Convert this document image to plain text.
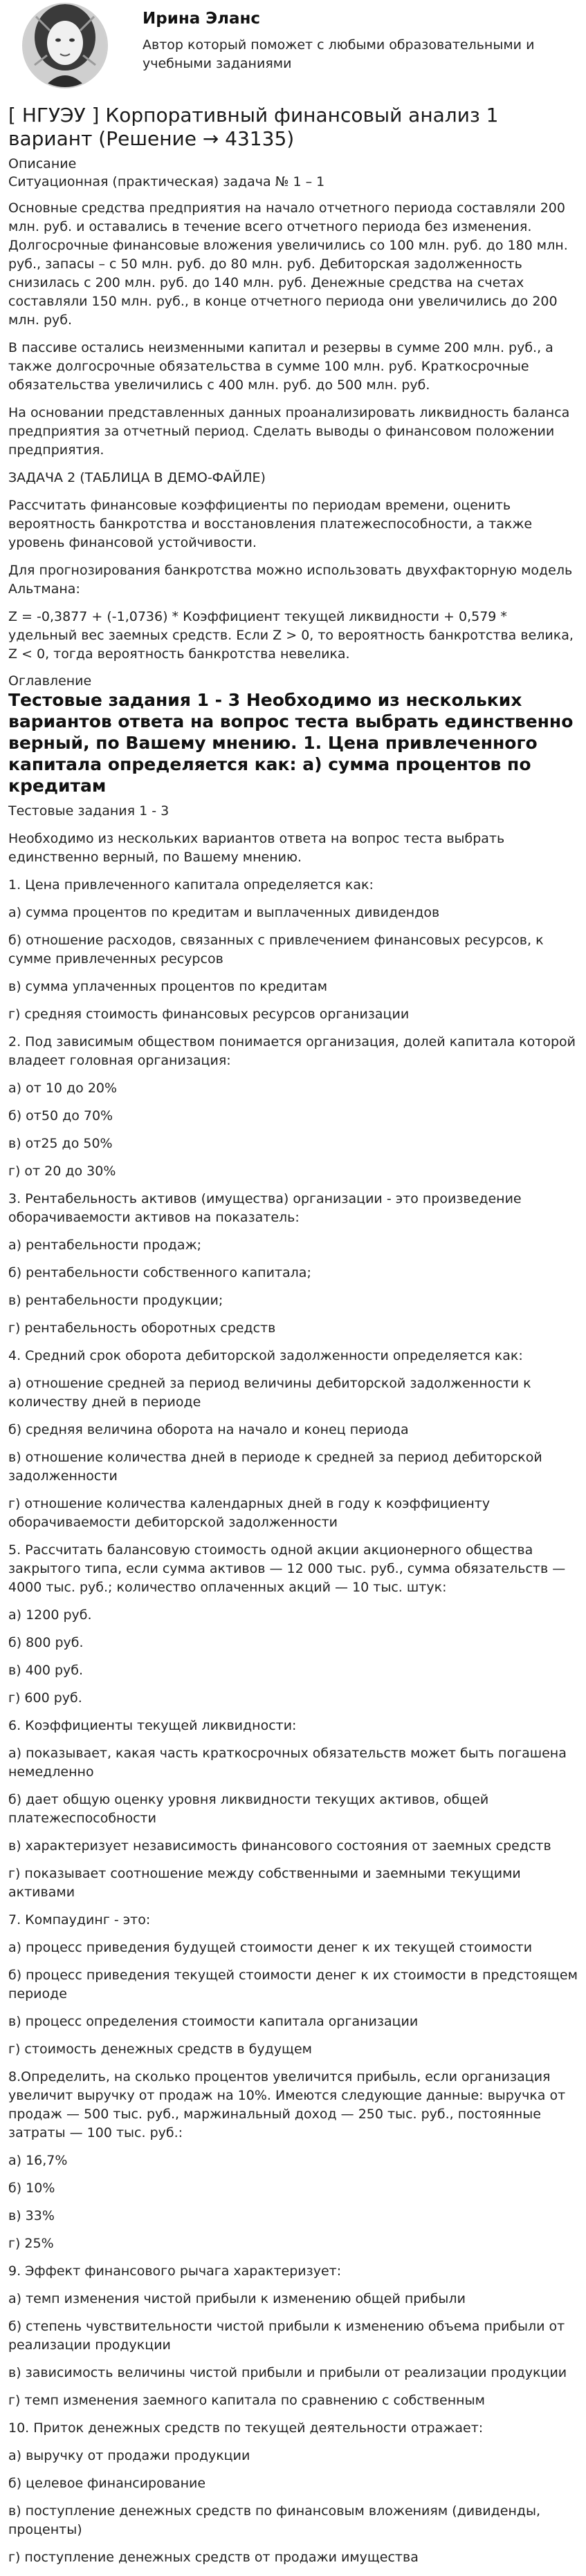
Ирина Эланс
Автор который поможет с любыми образовательными и учебными заданиями
[ НГУЭУ ] Корпоративный финансовый анализ 1 вариант (Решение → 43135)
Описание
Ситуационная (практическая) задача № 1 – 1

Основные средства предприятия на начало отчетного периода составляли 200 млн. руб. и оставались в течение всего отчетного периода без изменения. Долгосрочные финансовые вложения увеличились со 100 млн. руб. до 180 млн. руб., запасы – с 50 млн. руб. до 80 млн. руб. Дебиторская задолженность снизилась с 200 млн. руб. до 140 млн. руб. Денежные средства на счетах составляли 150 млн. руб., в конце отчетного периода они увеличились до 200 млн. руб.

В пассиве остались неизменными капитал и резервы в сумме 200 млн. руб., а также долгосрочные обязательства в сумме 100 млн. руб. Краткосрочные обязательства увеличились с 400 млн. руб. до 500 млн. руб.

На основании представленных данных проанализировать ликвидность баланса предприятия за отчетный период. Сделать выводы о финансовом положении предприятия.

ЗАДАЧА 2 (ТАБЛИЦА В ДЕМО-ФАЙЛЕ)

Рассчитать финансовые коэффициенты по периодам времени, оценить вероятность банкротства и восстановления платежеспособности, а также уровень финансовой устойчивости.

Для прогнозирования банкротства можно использовать двухфакторную модель Альтмана:

Z = -0,3877 + (-1,0736) * Коэффициент текущей ликвидности + 0,579 * удельный вес заемных средств. Если Z > 0, то вероятность банкротства велика, Z < 0, тогда вероятность банкротства невелика.

Оглавление
Тестовые задания 1 - 3 Необходимо из нескольких вариантов ответа на вопрос теста выбрать единственно верный, по Вашему мнению. 1. Цена привлеченного капитала определяется как: а) сумма процентов по кредитам

Тестовые задания 1 - 3

Необходимо из нескольких вариантов ответа на вопрос теста выбрать единственно верный, по Вашему мнению.

1. Цена привлеченного капитала определяется как:

а) сумма процентов по кредитам и выплаченных дивидендов

б) отношение расходов, связанных с привлечением финансовых ресурсов, к сумме привлеченных ресурсов

в) сумма уплаченных процентов по кредитам

г) средняя стоимость финансовых ресурсов организации

2. Под зависимым обществом понимается организация, долей капитала которой владеет головная организация:

а) от 10 до 20%

б) от50 до 70%

в) от25 до 50%

г) от 20 до 30%

3. Рентабельность активов (имущества) организации - это произведение оборачиваемости активов на показатель:

а) рентабельности продаж;

б) рентабельности собственного капитала;

в) рентабельности продукции;

г) рентабельность оборотных средств

4. Средний срок оборота дебиторской задолженности определяется как:

а) отношение средней за период величины дебиторской задолженности к количеству дней в периоде

б) средняя величина оборота на начало и конец периода

в) отношение количества дней в периоде к средней за период дебиторской задолженности

г) отношение количества календарных дней в году к коэффициенту оборачиваемости дебиторской задолженности

5. Рассчитать балансовую стоимость одной акции акционерного общества закрытого типа, если сумма активов — 12 000 тыс. руб., сумма обязательств — 4000 тыс. руб.; количество оплаченных акций — 10 тыс. штук:

а) 1200 руб.

б) 800 руб.

в) 400 руб.

г) 600 руб.

6. Коэффициенты текущей ликвидности:

а) показывает, какая часть краткосрочных обязательств может быть погашена немедленно

б) дает общую оценку уровня ликвидности текущих активов, общей платежеспособности

в) характеризует независимость финансового состояния от заемных средств

г) показывает соотношение между собственными и заемными текущими активами

7. Компаудинг - это:

а) процесс приведения будущей стоимости денег к их текущей стоимости

б) процесс приведения текущей стоимости денег к их стоимости в предстоящем периоде

в) процесс определения стоимости капитала организации

г) стоимость денежных средств в будущем

8.Определить, на сколько процентов увеличится прибыль, если организация увеличит выручку от продаж на 10%. Имеются следующие данные: выручка от продаж — 500 тыс. руб., маржинальный доход — 250 тыс. руб., постоянные затраты — 100 тыс. руб.:

а) 16,7%

б) 10%

в) 33%

г) 25%

9. Эффект финансового рычага характеризует:

а) темп изменения чистой прибыли к изменению общей прибыли

б) степень чувствительности чистой прибыли к изменению объема прибыли от реализации продукции

в) зависимость величины чистой прибыли и прибыли от реализации продукции

г) темп изменения заемного капитала по сравнению с собственным

10. Приток денежных средств по текущей деятельности отражает:

а) выручку от продажи продукции

б) целевое финансирование

в) поступление денежных средств по финансовым вложениям (дивиденды, проценты)

г) поступление денежных средств от продажи имущества
